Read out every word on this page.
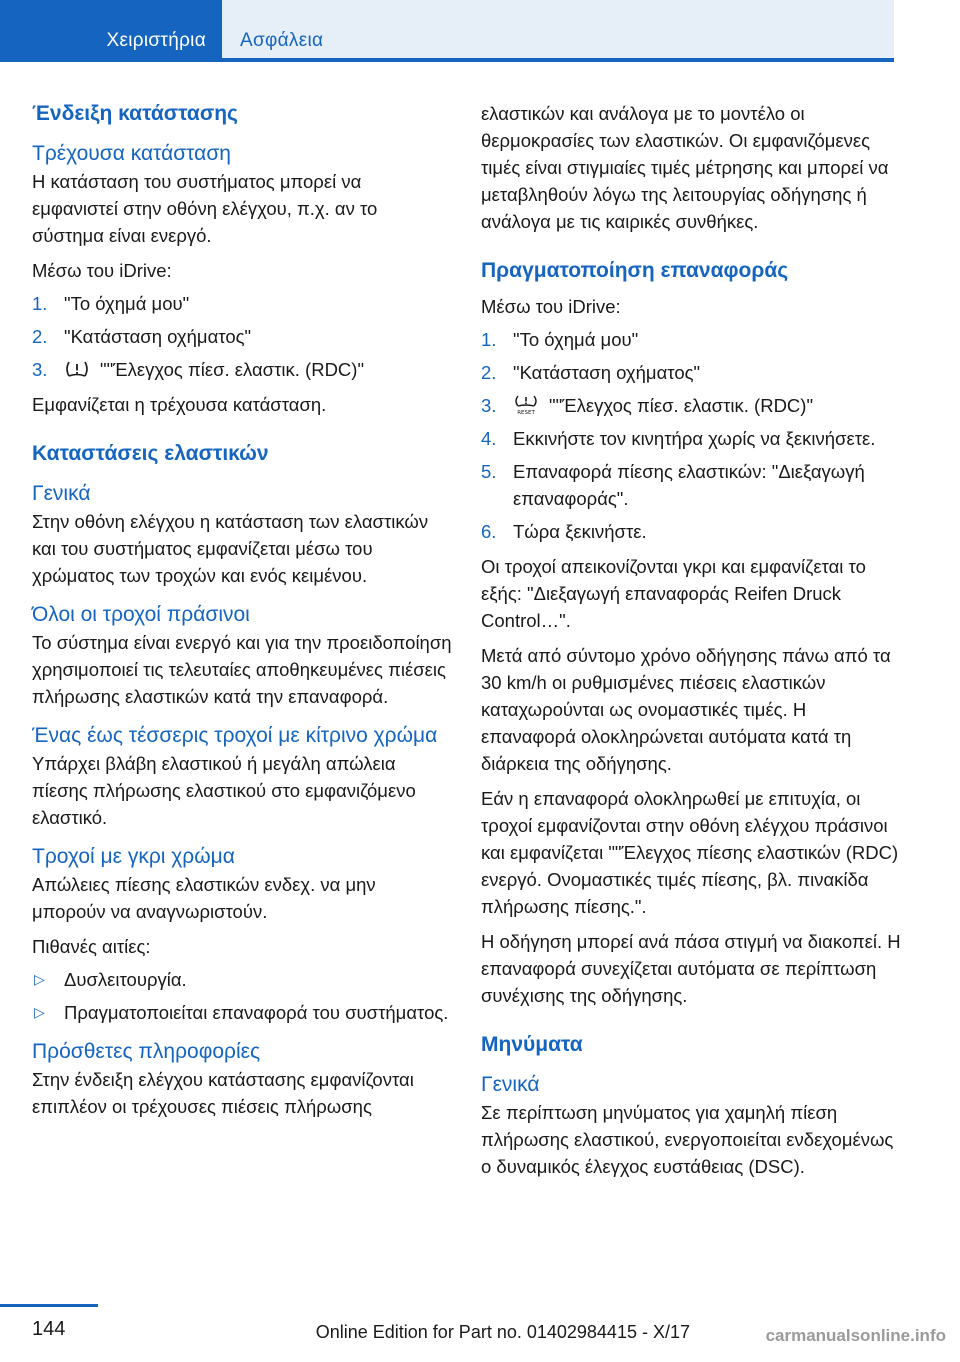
Χειριστήρια Ασφάλεια
Ένδειξη κατάστασης
Τρέχουσα κατάσταση
Η κατάσταση του συστήματος μπορεί να εμφανιστεί στην οθόνη ελέγχου, π.χ. αν το σύστημα είναι ενεργό.
Μέσω του iDrive:
1. "Το όχημά μου"
2. "Κατάσταση οχήματος"
3.	""Έλεγχος πίεσ. ελαστικ. (RDC)"
Εμφανίζεται η τρέχουσα κατάσταση.
Καταστάσεις ελαστικών
Γενικά
Στην οθόνη ελέγχου η κατάσταση των ελαστικών και του συστήματος εμφανίζεται μέσω του χρώματος των τροχών και ενός κειμένου.
Όλοι οι τροχοί πράσινοι
Το σύστημα είναι ενεργό και για την προειδοποίηση χρησιμοποιεί τις τελευταίες αποθηκευμένες πιέσεις πλήρωσης ελαστικών κατά την επαναφορά.
Ένας έως τέσσερις τροχοί με κίτρινο χρώμα
Υπάρχει βλάβη ελαστικού ή μεγάλη απώλεια πίεσης πλήρωσης ελαστικού στο εμφανιζόμενο ελαστικό.
Τροχοί με γκρι χρώμα
Απώλειες πίεσης ελαστικών ενδεχ. να μην μπορούν να αναγνωριστούν.
Πιθανές αιτίες:
▷ Δυσλειτουργία.
▷ Πραγματοποιείται επαναφορά του συστήματος.
Πρόσθετες πληροφορίες
Στην ένδειξη ελέγχου κατάστασης εμφανίζονται επιπλέον οι τρέχουσες πιέσεις πλήρωσης
ελαστικών και ανάλογα με το μοντέλο οι θερμοκρασίες των ελαστικών. Οι εμφανιζόμενες τιμές είναι στιγμιαίες τιμές μέτρησης και μπορεί να μεταβληθούν λόγω της λειτουργίας οδήγησης ή ανάλογα με τις καιρικές συνθήκες.
Πραγματοποίηση επαναφοράς
Μέσω του iDrive:
1. "Το όχημά μου"
2. "Κατάσταση οχήματος"
3.	RESET ""Έλεγχος πίεσ. ελαστικ. (RDC)"
4. Εκκινήστε τον κινητήρα χωρίς να ξεκινήσετε.
5. Επαναφορά πίεσης ελαστικών: "Διεξαγωγή επαναφοράς".
6. Τώρα ξεκινήστε.
Οι τροχοί απεικονίζονται γκρι και εμφανίζεται το εξής: "Διεξαγωγή επαναφοράς Reifen Druck Control…".
Μετά από σύντομο χρόνο οδήγησης πάνω από τα 30 km/h οι ρυθμισμένες πιέσεις ελαστικών καταχωρούνται ως ονομαστικές τιμές. Η επαναφορά ολοκληρώνεται αυτόματα κατά τη διάρκεια της οδήγησης.
Εάν η επαναφορά ολοκληρωθεί με επιτυχία, οι τροχοί εμφανίζονται στην οθόνη ελέγχου πράσινοι και εμφανίζεται ""Έλεγχος πίεσης ελαστικών (RDC) ενεργό. Ονομαστικές τιμές πίεσης, βλ. πινακίδα πλήρωσης πίεσης.".
Η οδήγηση μπορεί ανά πάσα στιγμή να διακοπεί. Η επαναφορά συνεχίζεται αυτόματα σε περίπτωση συνέχισης της οδήγησης.
Μηνύματα
Γενικά
Σε περίπτωση μηνύματος για χαμηλή πίεση πλήρωσης ελαστικού, ενεργοποιείται ενδεχομένως ο δυναμικός έλεγχος ευστάθειας (DSC).
144	Online Edition for Part no. 01402984415 - X/17	carmanualsonline.info
